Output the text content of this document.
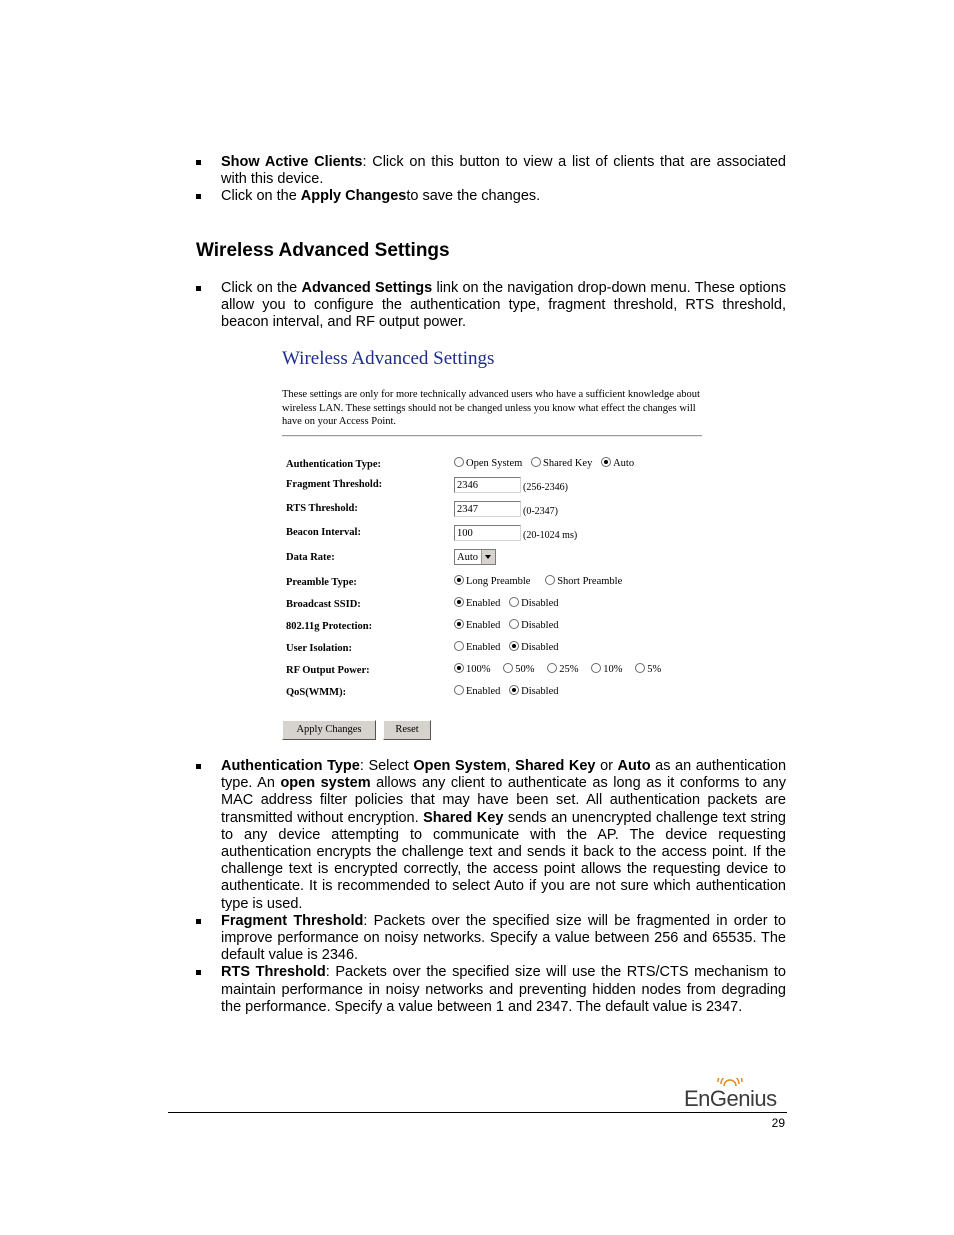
Show Active Clients: Click on this button to view a list of clients that are associated with this device.
Click on the Apply Changesto save the changes.
Wireless Advanced Settings
Click on the Advanced Settings link on the navigation drop-down menu. These options allow you to configure the authentication type, fragment threshold, RTS threshold, beacon interval, and RF output power.
Wireless Advanced Settings
These settings are only for more technically advanced users who have a sufficient knowledge about wireless LAN. These settings should not be changed unless you know what effect the changes will have on your Access Point.
Authentication Type:	Open System Shared Key Auto
Fragment Threshold:	2346	(256-2346)
RTS Threshold:	2347	(0-2347)
Beacon Interval:	100	(20-1024 ms)
Data Rate:	Auto
Preamble Type:	Long Preamble	Short Preamble
Broadcast SSID:	Enabled Disabled
802.11g Protection:	Enabled Disabled
User Isolation:	Enabled Disabled
RF Output Power:	100% 50% 25% 10% 5%
QoS(WMM):	Enabled Disabled
Apply Changes	Reset
Authentication Type: Select Open System, Shared Key or Auto as an authentication type. An open system allows any client to authenticate as long as it conforms to any MAC address filter policies that may have been set. All authentication packets are transmitted without encryption. Shared Key sends an unencrypted challenge text string to any device attempting to communicate with the AP. The device requesting authentication encrypts the challenge text and sends it back to the access point. If the challenge text is encrypted correctly, the access point allows the requesting device to authenticate. It is recommended to select Auto if you are not sure which authentication type is used.
Fragment Threshold: Packets over the specified size will be fragmented in order to improve performance on noisy networks. Specify a value between 256 and 65535. The default value is 2346.
RTS Threshold: Packets over the specified size will use the RTS/CTS mechanism to maintain performance in noisy networks and preventing hidden nodes from degrading the performance. Specify a value between 1 and 2347. The default value is 2347.
EnGenius
29
